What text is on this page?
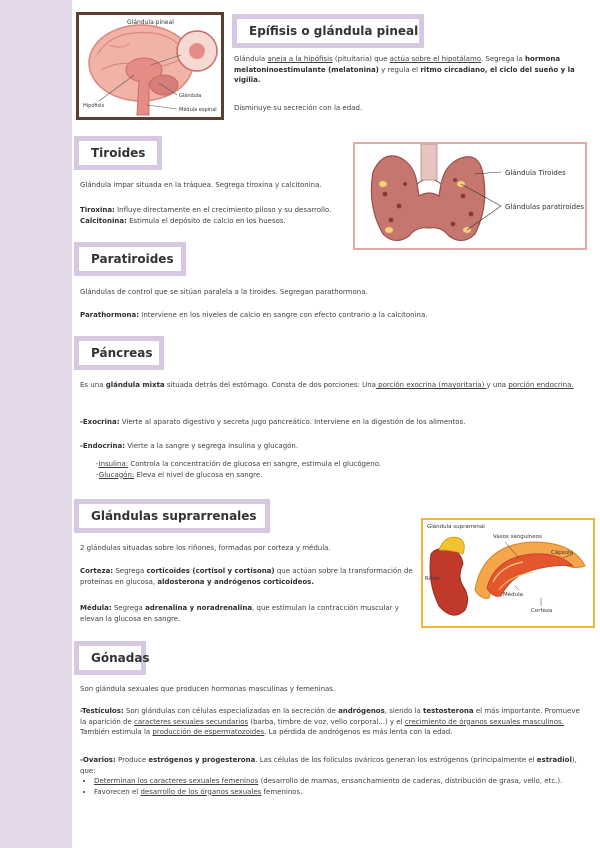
Glándula pineal
Hipófisis
Glándula
Médula espinal
Epífisis o glándula pineal
Glándula aneja a la hipófisis (pituitaria) que actúa sobre el hipotálamo. Segrega la hormona melatoninoestimulante (melatonina) y regula el ritmo circadiano, el ciclo del sueño y la vigilia.
Disminuye su secreción con la edad.
Tiroides
Glándula Tiroides
Glándulas paratiroides
Glándula impar situada en la tráquea. Segrega tiroxina y calcitonina.
Tiroxina: Influye directamente en el crecimiento piloso y su desarrollo.
Calcitonina: Estimula el depósito de calcio en los huesos.
Paratiroides
Glándulas de control que se sitúan paralela a la tiroides. Segregan parathormona.
Parathormona: Interviene en los niveles de calcio en sangre con efecto contrario a la calcitonina.
Páncreas
Es una glándula mixta situada detrás del estómago. Consta de dos porciones: Una porción exocrina (mayoritaria) y una porción endocrina.
-Exocrina: Vierte al aparato digestivo y secreta jugo pancreático. Interviene en la digestión de los alimentos.
-Endocrina: Vierte a la sangre y segrega insulina y glucagón.
-Insulina: Controla la concentración de glucosa en sangre, estimula el glucógeno.
-Glucagón: Eleva el nivel de glucosa en sangre.
Glándulas suprarrenales
Glándula suprarrenal
Vasos sanguíneos
Cápsula
Riñón
Médula
Corteza
2 glándulas situadas sobre los riñones, formadas por corteza y médula.
Corteza: Segrega corticoides (cortisol y cortisona) que actúan sobre la transformación de proteínas en glucosa, aldosterona y andrógenos corticoideos.
Médula: Segrega adrenalina y noradrenalina, que estimulan la contracción muscular y elevan la glucosa en sangre.
Gónadas
Son glándula sexuales que producen hormonas masculinas y femeninas.
-Testículos: Son glándulas con células especializadas en la secreción de andrógenos, siendo la testosterona el más importante. Promueve la aparición de caracteres sexuales secundarios (barba, timbre de voz, vello corporal...) y el crecimiento de órganos sexuales masculinos. También estimula la producción de espermatozoides. La pérdida de andrógenos es más lenta con la edad.
-Ovarios: Produce estrógenos y progesterona. Las células de los folículos ováricos generan los estrógenos (principalmente el estradiol), que:
• Determinan los caracteres sexuales femeninos (desarrollo de mamas, ensanchamiento de caderas, distribución de grasa, vello, etc.).
• Favorecen el desarrollo de los órganos sexuales femeninos.
